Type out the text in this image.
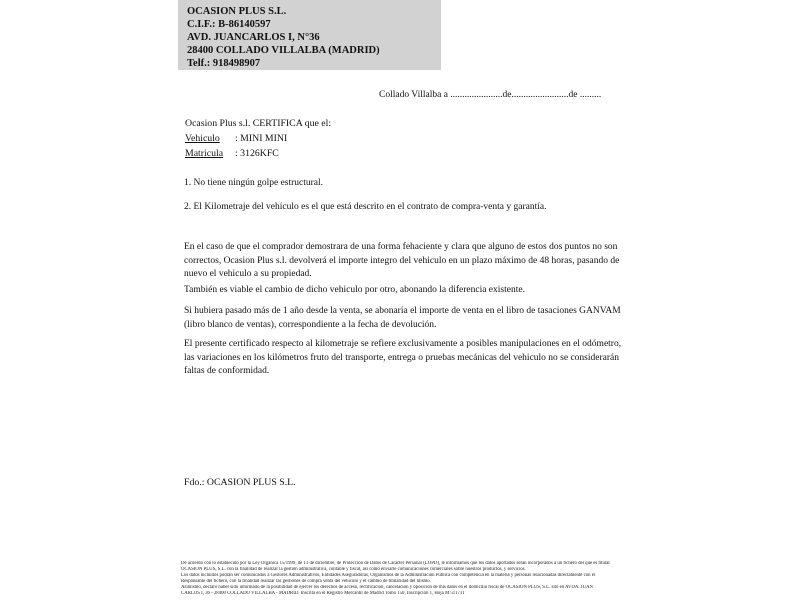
OCASION PLUS S.L.
C.I.F.: B-86140597
AVD. JUANCARLOS I, N°36
28400 COLLADO VILLALBA (MADRID)
Telf.: 918498907
Collado Villalba a ......................de........................de .........
Ocasion Plus s.l. CERTIFICA que el:
Vehiculo : MINI MINI
Matricula : 3126KFC
1. No tiene ningún golpe estructural.
2. El Kilometraje del vehículo es el que está descrito en el contrato de compra-venta y garantía.
En el caso de que el comprador demostrara de una forma fehaciente y clara que alguno de estos dos puntos no son correctos, Ocasion Plus s.l. devolverá el importe integro del vehiculo en un plazo máximo de 48 horas, pasando de nuevo el vehiculo a su propiedad.
También es viable el cambio de dicho vehiculo por otro, abonando la diferencia existente.
Si hubiera pasado más de 1 año desde la venta, se abonaría el importe de venta en el libro de tasaciones GANVAM (libro blanco de ventas), correspondiente a la fecha de devolución.
El presente certificado respecto al kilometraje se refiere exclusivamente a posibles manipulaciones en el odómetro, las variaciones en los kilómetros fruto del transporte, entrega o pruebas mecánicas del vehiculo no se considerarán faltas de conformidad.
Fdo.: OCASION PLUS S.L.
De acuerdo con lo establecido por la Ley Orgánica 15/1999, de 13 de diciembre, de Protección de Datos de Carácter Personal (LOPD), le informamos que los datos aportados serán incorporados a un fichero del que es titular
OCASIÓN PLUS, S.L. con la finalidad de realizar la gestión administrativa, contable y fiscal, así como enviarle comunicaciones comerciales sobre nuestros productos, y servicios.
Los datos incluidos podrán ser comunicados a Gestores Administrativos, Entidades Aseguradoras, Organismos de la Administración Pública con competencia en la materia y personas relacionadas directamente con el
Responsable del fichero, con la finalidad realizar las gestiones de compra venta del vehículo y el cambio de titularidad del mismo.
Asimismo, declaro haber sido informado de la posibilidad de ejercer los derechos de acceso, rectificación, cancelación y oposición de mis datos en el domicilio fiscal de OCASIÓN PLUS, S.L. sito en AVDA. JUAN
CARLOS I, 36 - 28400 COLLADO VILLALBA - MADRID. Inscrita en el Registro Mercantil de Madrid Tomo 150, Inscripción 1, Hoja M 511731
